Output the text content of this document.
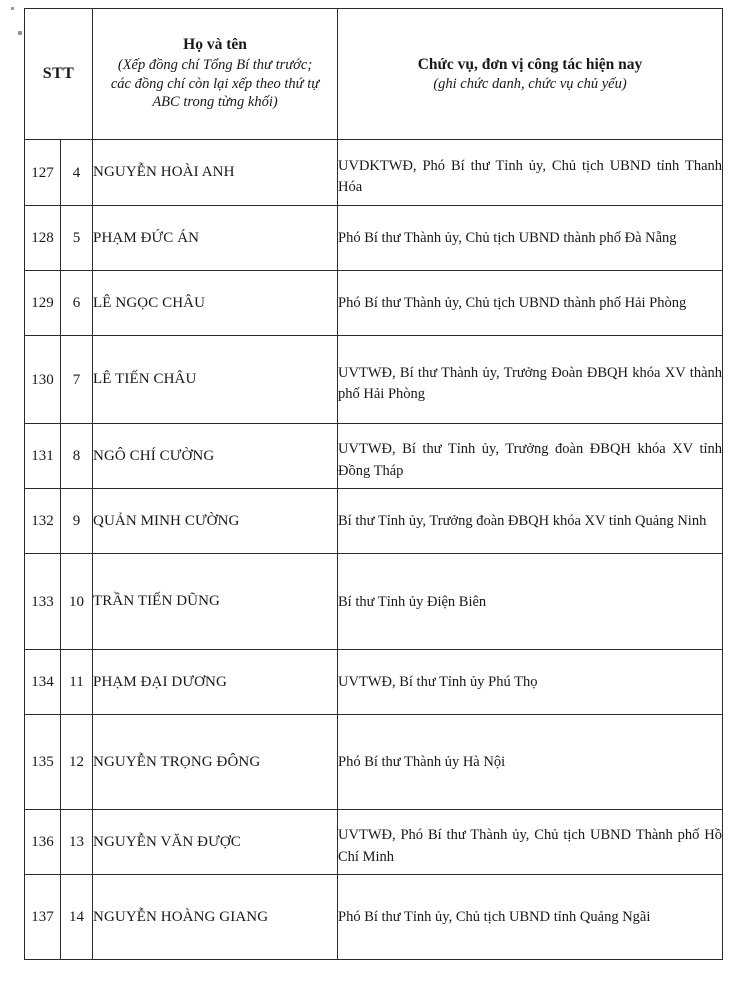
STT		Họ và tên
(Xếp đồng chí Tổng Bí thư trước;
các đồng chí còn lại xếp theo thứ tự
ABC trong từng khối)	Chức vụ, đơn vị công tác hiện nay
(ghi chức danh, chức vụ chủ yếu)

127	4	NGUYỄN HOÀI ANH	UVDKTWĐ, Phó Bí thư Tỉnh ủy, Chủ tịch UBND tỉnh Thanh Hóa
128	5	PHẠM ĐỨC ÁN	Phó Bí thư Thành ủy, Chủ tịch UBND thành phố Đà Nẵng
129	6	LÊ NGỌC CHÂU	Phó Bí thư Thành ủy, Chủ tịch UBND thành phố Hải Phòng
130	7	LÊ TIẾN CHÂU	UVTWĐ, Bí thư Thành ủy, Trưởng Đoàn ĐBQH khóa XV thành phố Hải Phòng
131	8	NGÔ CHÍ CƯỜNG	UVTWĐ, Bí thư Tỉnh ủy, Trưởng đoàn ĐBQH khóa XV tỉnh Đồng Tháp
132	9	QUẢN MINH CƯỜNG	Bí thư Tỉnh ủy, Trưởng đoàn ĐBQH khóa XV tỉnh Quảng Ninh
133	10	TRẦN TIẾN DŨNG	Bí thư Tỉnh ủy Điện Biên
134	11	PHẠM ĐẠI DƯƠNG	UVTWĐ, Bí thư Tỉnh ủy Phú Thọ
135	12	NGUYỄN TRỌNG ĐÔNG	Phó Bí thư Thành ủy Hà Nội
136	13	NGUYỄN VĂN ĐƯỢC	UVTWĐ, Phó Bí thư Thành ủy, Chủ tịch UBND Thành phố Hồ Chí Minh
137	14	NGUYỄN HOÀNG GIANG	Phó Bí thư Tỉnh ủy, Chủ tịch UBND tỉnh Quảng Ngãi
